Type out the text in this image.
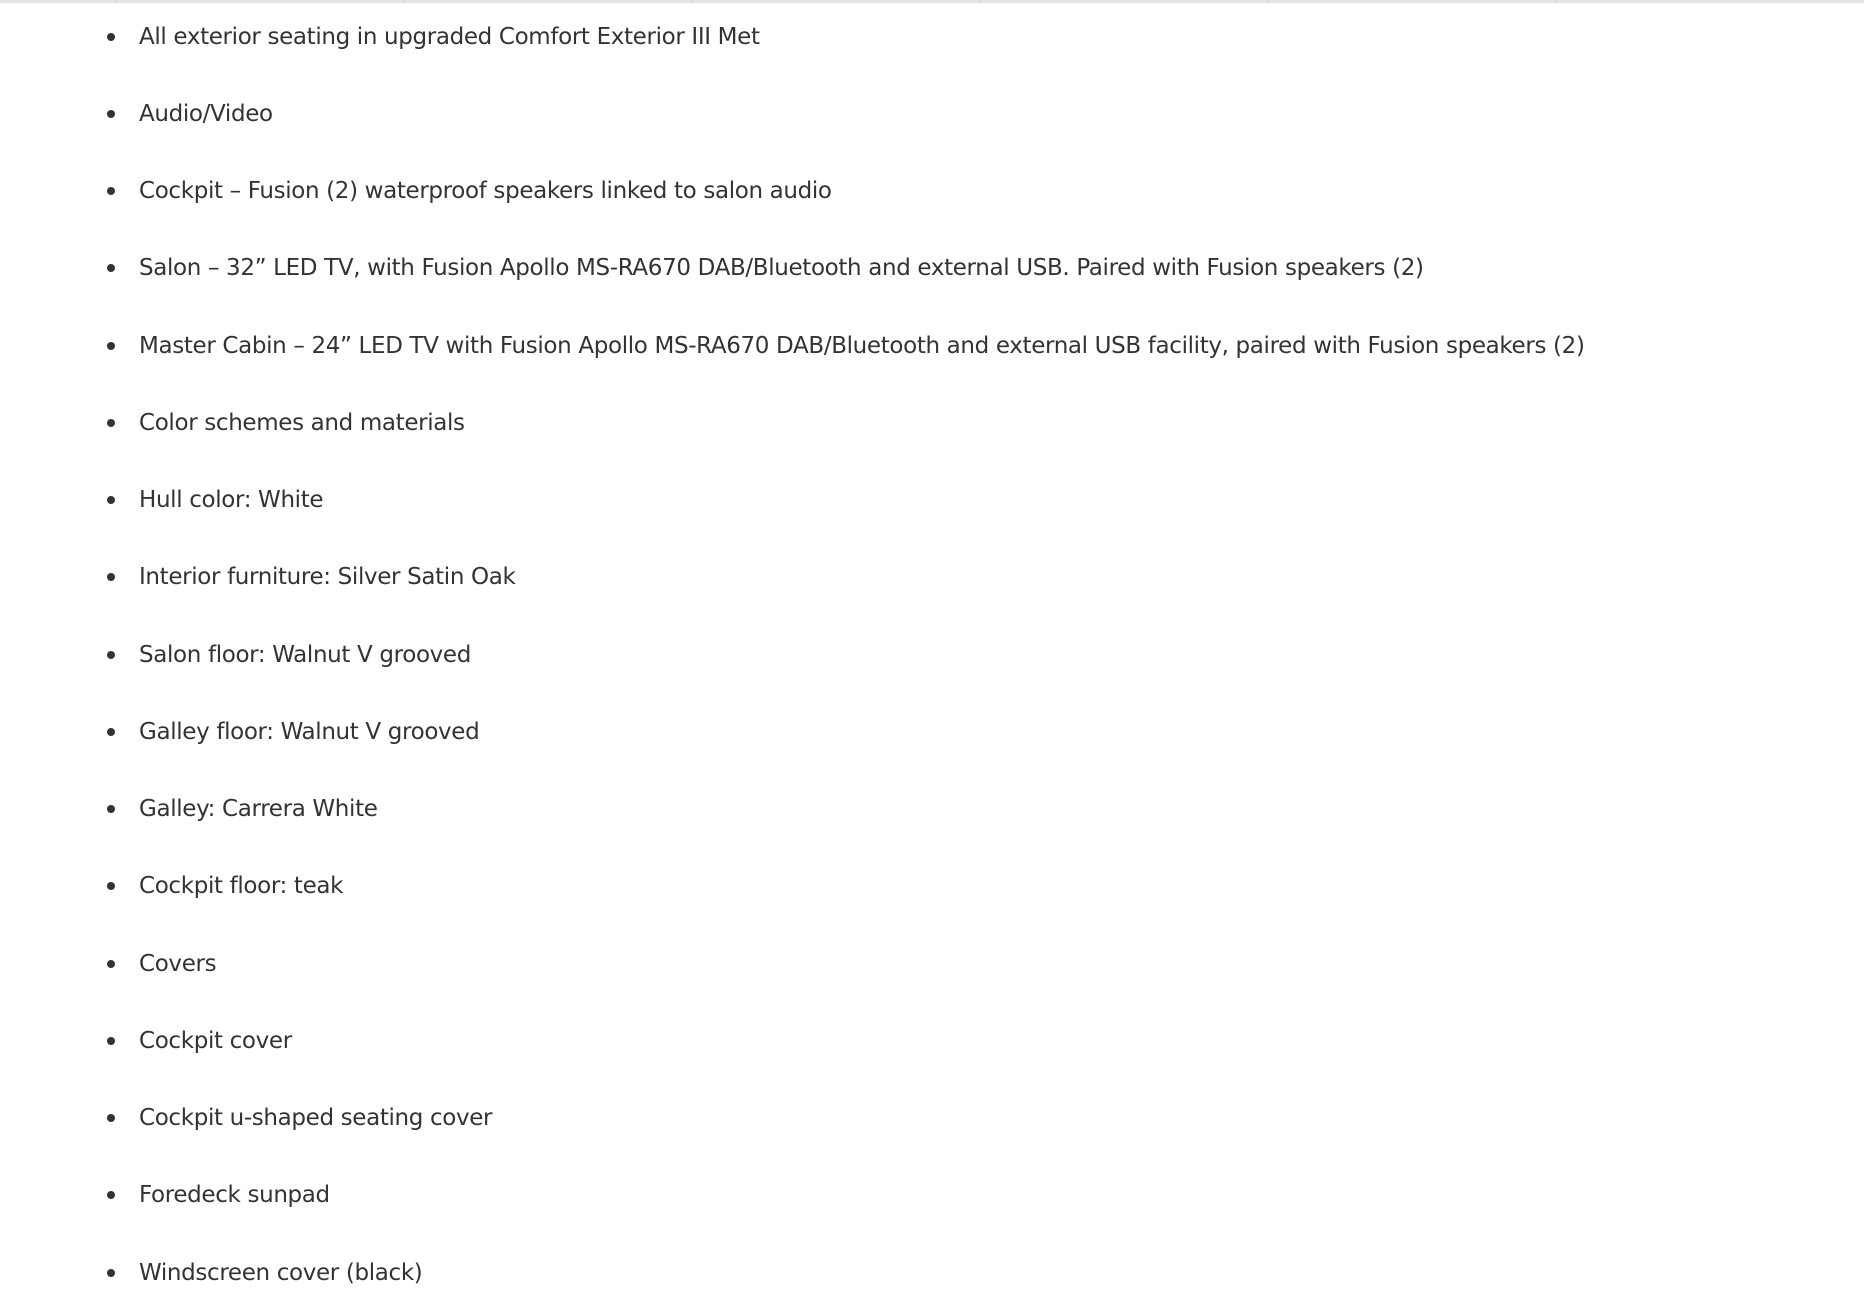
All exterior seating in upgraded Comfort Exterior III Met
Audio/Video
Cockpit – Fusion (2) waterproof speakers linked to salon audio
Salon – 32” LED TV, with Fusion Apollo MS-RA670 DAB/Bluetooth and external USB. Paired with Fusion speakers (2)
Master Cabin – 24” LED TV with Fusion Apollo MS-RA670 DAB/Bluetooth and external USB facility, paired with Fusion speakers (2)
Color schemes and materials
Hull color: White
Interior furniture: Silver Satin Oak
Salon floor: Walnut V grooved
Galley floor: Walnut V grooved
Galley: Carrera White
Cockpit floor: teak
Covers
Cockpit cover
Cockpit u-shaped seating cover
Foredeck sunpad
Windscreen cover (black)
